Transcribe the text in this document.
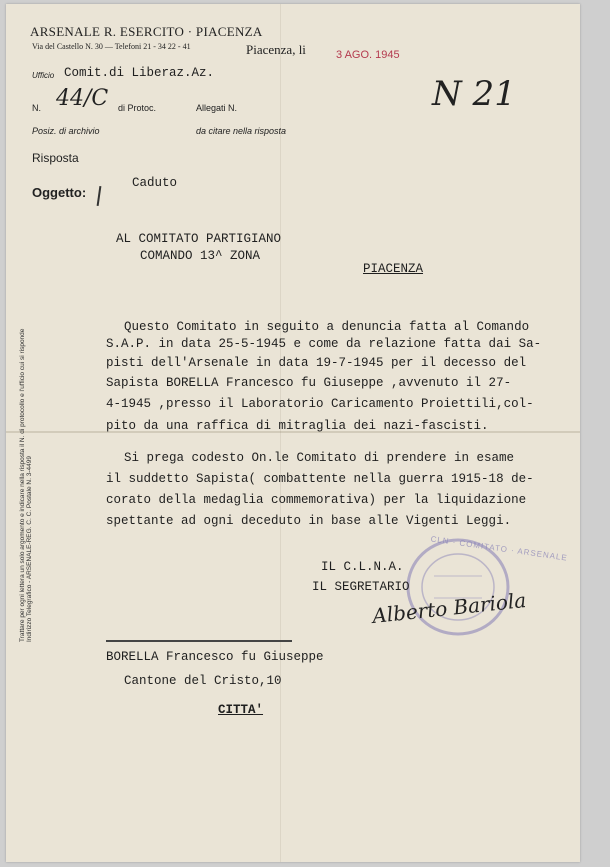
ARSENALE R. ESERCITO · PIACENZA
Via del Castello N. 30 — Telefoni 21 - 34 22 - 41	Piacenza, li	3 AGO. 1945
Ufficio Comit.di Liberaz.Az.
N. 44/C di Protoc.	Allegati N.	N 21
Posiz. di archivio	da citare nella risposta
Risposta
Oggetto:
Caduto
AL COMITATO PARTIGIANO
COMANDO 13^ ZONA
PIACENZA
Questo Comitato in seguito a denuncia fatta al Comando
S.A.P. in data 25-5-1945 e come da relazione fatta dai Sa-
pisti dell'Arsenale in data 19-7-1945 per il decesso del
Sapista BORELLA Francesco fu Giuseppe ,avvenuto il 27-
4-1945 ,presso il Laboratorio Caricamento Proiettili,col-
pito da una raffica di mitraglia dei nazi-fascisti.
Si prega codesto On.le Comitato di prendere in esame
il suddetto Sapista( combattente nella guerra 1915-18 de-
corato della medaglia commemorativa) per la liquidazione
spettante ad ogni deceduto in base alle Vigenti Leggi.
CLN · COMITATO · ARSENALE
IL C.L.N.A.
IL SEGRETARIO
Alberto Bariola
BORELLA Francesco fu Giuseppe
Cantone del Cristo,10
CITTA'
Trattare per ogni lettera un solo argomento e indicare nella risposta il N. di protocollo e l'ufficio cui si risponde Indirizzo Telegrafico - ARSENALE-REG. C. C. Postale N. 3-4499
